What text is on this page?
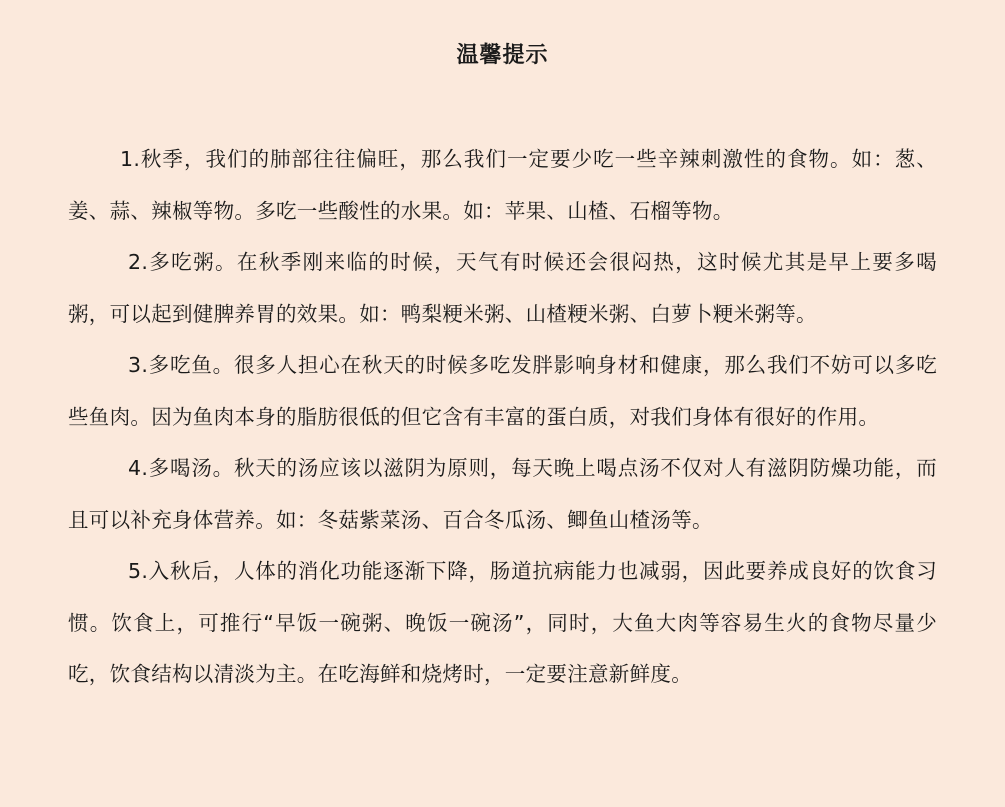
温馨提示

1.秋季，我们的肺部往往偏旺，那么我们一定要少吃一些辛辣刺激性的食物。如：葱、姜、蒜、辣椒等物。多吃一些酸性的水果。如：苹果、山楂、石榴等物。

2.多吃粥。在秋季刚来临的时候，天气有时候还会很闷热，这时候尤其是早上要多喝粥，可以起到健脾养胃的效果。如：鸭梨粳米粥、山楂粳米粥、白萝卜粳米粥等。

3.多吃鱼。很多人担心在秋天的时候多吃发胖影响身材和健康，那么我们不妨可以多吃些鱼肉。因为鱼肉本身的脂肪很低的但它含有丰富的蛋白质，对我们身体有很好的作用。

4.多喝汤。秋天的汤应该以滋阴为原则，每天晚上喝点汤不仅对人有滋阴防燥功能，而且可以补充身体营养。如：冬菇紫菜汤、百合冬瓜汤、鲫鱼山楂汤等。

5.入秋后，人体的消化功能逐渐下降，肠道抗病能力也减弱，因此要养成良好的饮食习惯。饮食上，可推行“早饭一碗粥、晚饭一碗汤”，同时，大鱼大肉等容易生火的食物尽量少吃，饮食结构以清淡为主。在吃海鲜和烧烤时，一定要注意新鲜度。
